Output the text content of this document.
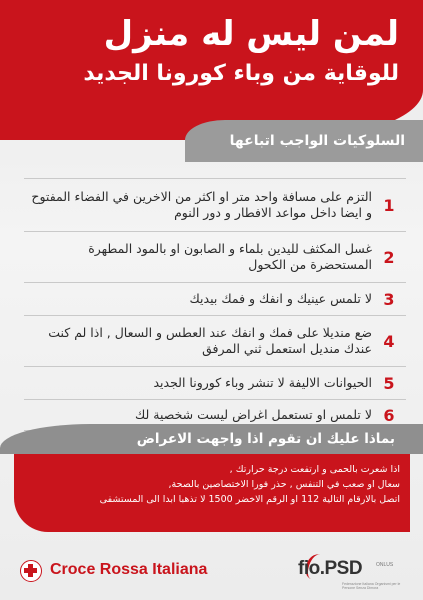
لمن ليس له منزل
للوقاية من وباء كورونا الجديد
السلوكيات الواجب اتباعها
1
التزم على مسافة واحد متر او اكثر من الاخرين في الفضاء المفتوح و ايضا داخل مواعد الافطار و دور النوم
2
غسل المكثف لليدين بلماء و الصابون او بالمود المطهرة المستحضرة من الكحول
3
لا تلمس عينيك و انفك و فمك بيديك
4
ضع منديلا على فمك و انفك عند العطس و السعال , اذا لم كنت عندك منديل استعمل ثني المرفق
5
الحيوانات الاليفة لا تنشر وباء كورونا الجديد
6
لا تلمس او تستعمل اغراض ليست شخصية لك
بماذا عليك ان تقوم اذا واجهت الاعراض
اذا شعرت بالحمى و ارتفعت درجة حرارتك ,
سعال او صعب في التنفس , حذر فورا الاختصاصين بالصحة,
اتصل بالارقام التالية 112 او الرقم الاخضر 1500 لا تذهبا ابدا الى المستشفى
Croce Rossa Italiana	fio.PSD	ONLUS
Federazione Italiana Organismi per le Persone Senza Dimora
